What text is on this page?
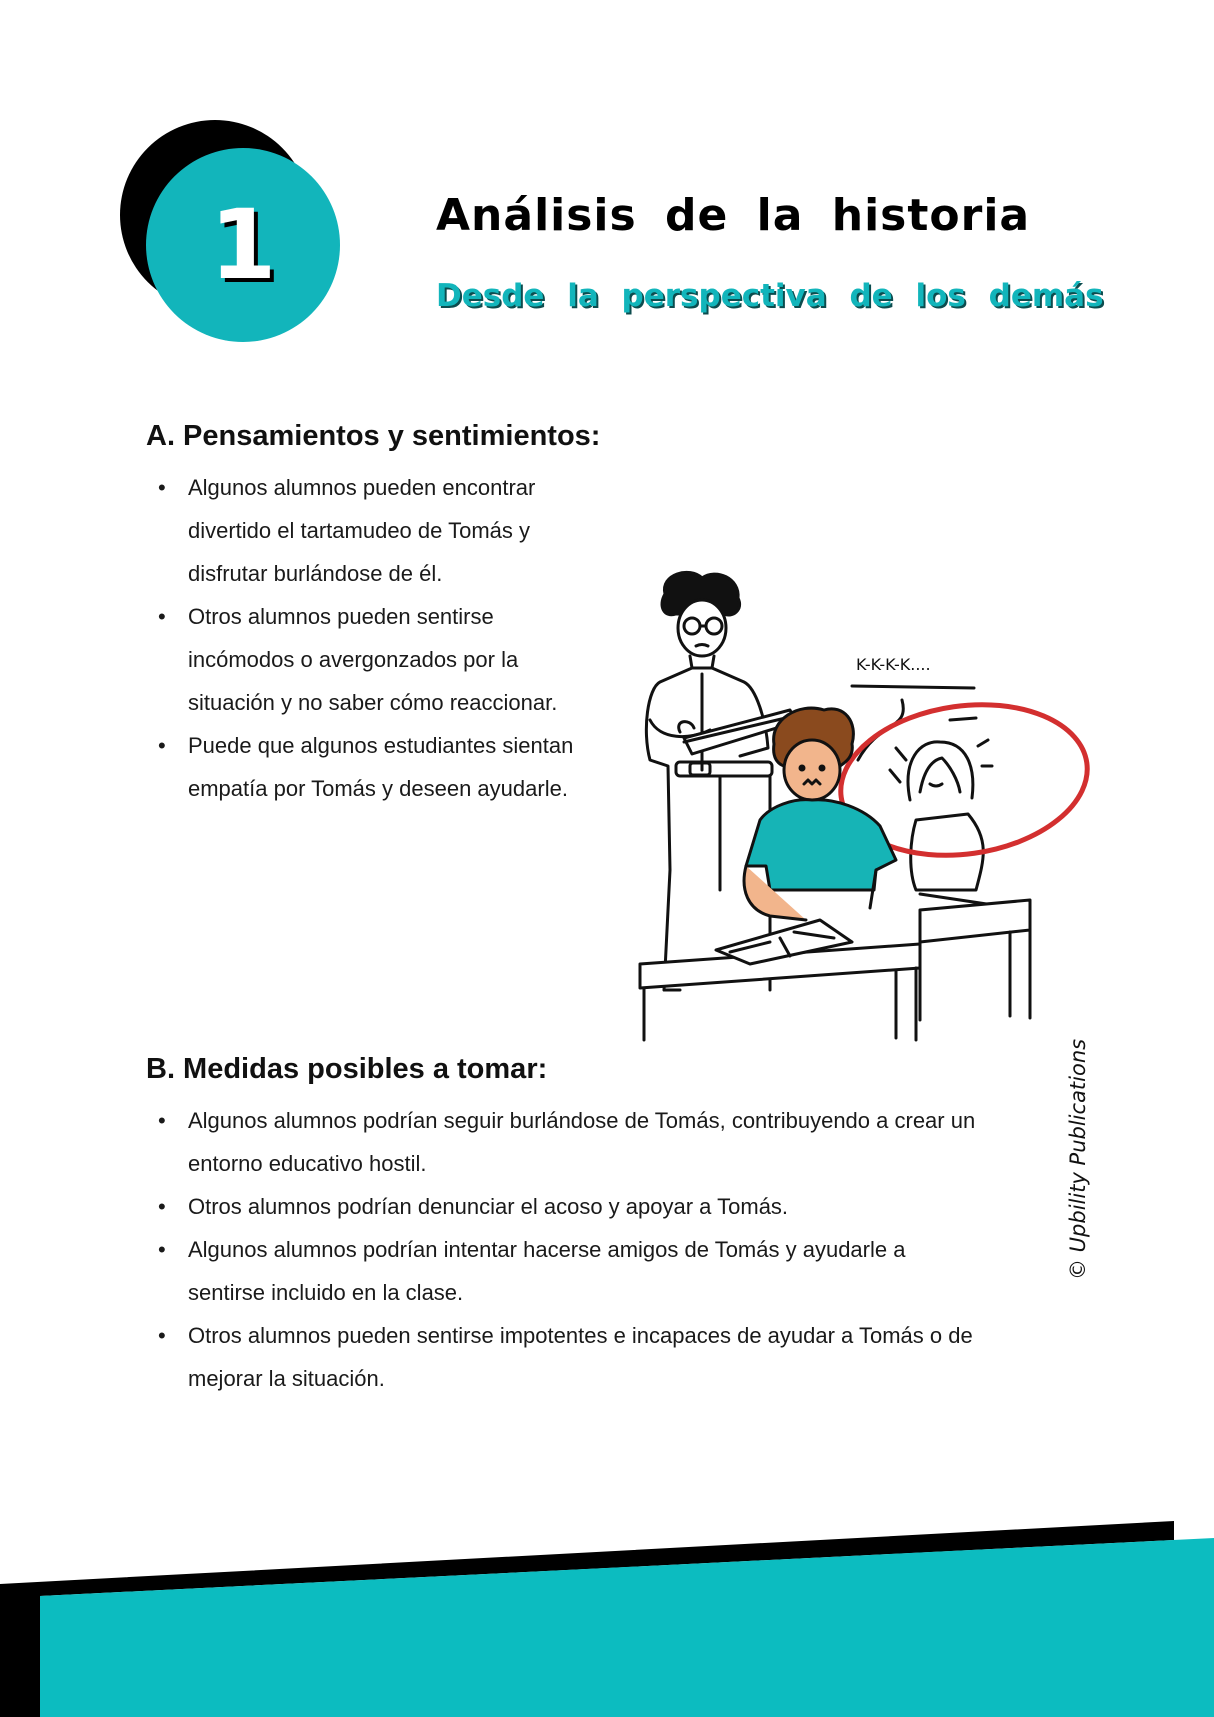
1	Análisis de la historia
Desde la perspectiva de los demás
A. Pensamientos y sentimientos:
• Algunos alumnos pueden encontrar
divertido el tartamudeo de Tomás y
disfrutar burlándose de él.
• Otros alumnos pueden sentirse
incómodos o avergonzados por la
situación y no saber cómo reaccionar.
• Puede que algunos estudiantes sientan
empatía por Tomás y deseen ayudarle.
K-K-K-K....
B. Medidas posibles a tomar:
• Algunos alumnos podrían seguir burlándose de Tomás, contribuyendo a crear un
entorno educativo hostil.
• Otros alumnos podrían denunciar el acoso y apoyar a Tomás.
• Algunos alumnos podrían intentar hacerse amigos de Tomás y ayudarle a
sentirse incluido en la clase.
• Otros alumnos pueden sentirse impotentes e incapaces de ayudar a Tomás o de
mejorar la situación.
© Upbility Publications
